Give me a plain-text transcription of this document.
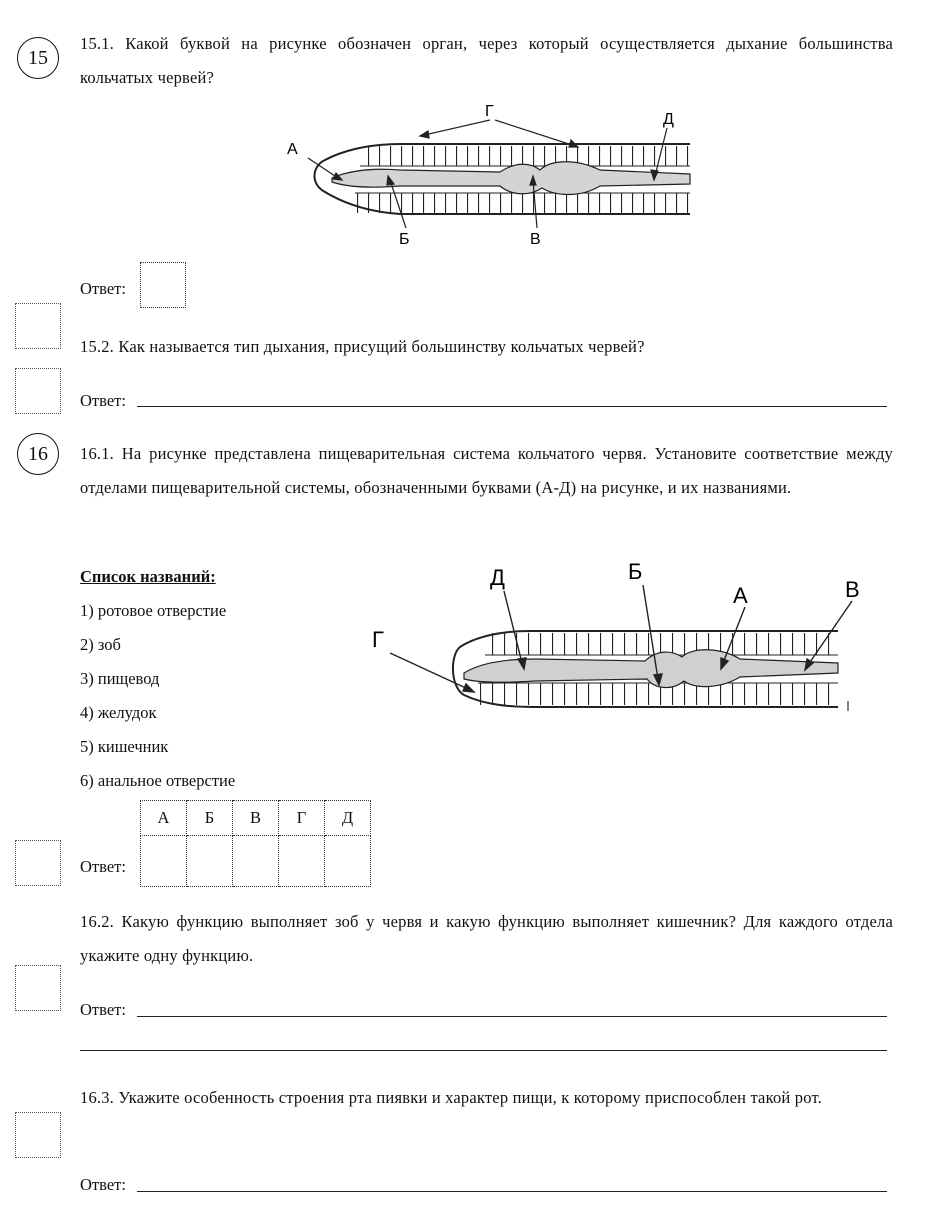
15
15.1. Какой буквой на рисунке обозначен орган, через который осуществляется дыхание большинства кольчатых червей?
Г	Д
А
Б	В
Ответ:
15.2. Как называется тип дыхания, присущий большинству кольчатых червей?
Ответ:
16	16.1. На рисунке представлена пищеварительная система кольчатого червя. Установите соответствие между отделами пищеварительной системы, обозначенными буквами (А-Д) на рисунке, и их названиями.
Список названий:
1) ротовое отверстие
2) зоб
3) пищевод
4) желудок
5) кишечник
6) анальное отверстие
Д	Б
А	В
Г
А	Б	В	Г	Д

Ответ:
16.2. Какую функцию выполняет зоб у червя и какую функцию выполняет кишечник? Для каждого отдела укажите одну функцию.
Ответ:
16.3. Укажите особенность строения рта пиявки и характер пищи, к которому приспособлен такой рот.
Ответ:
